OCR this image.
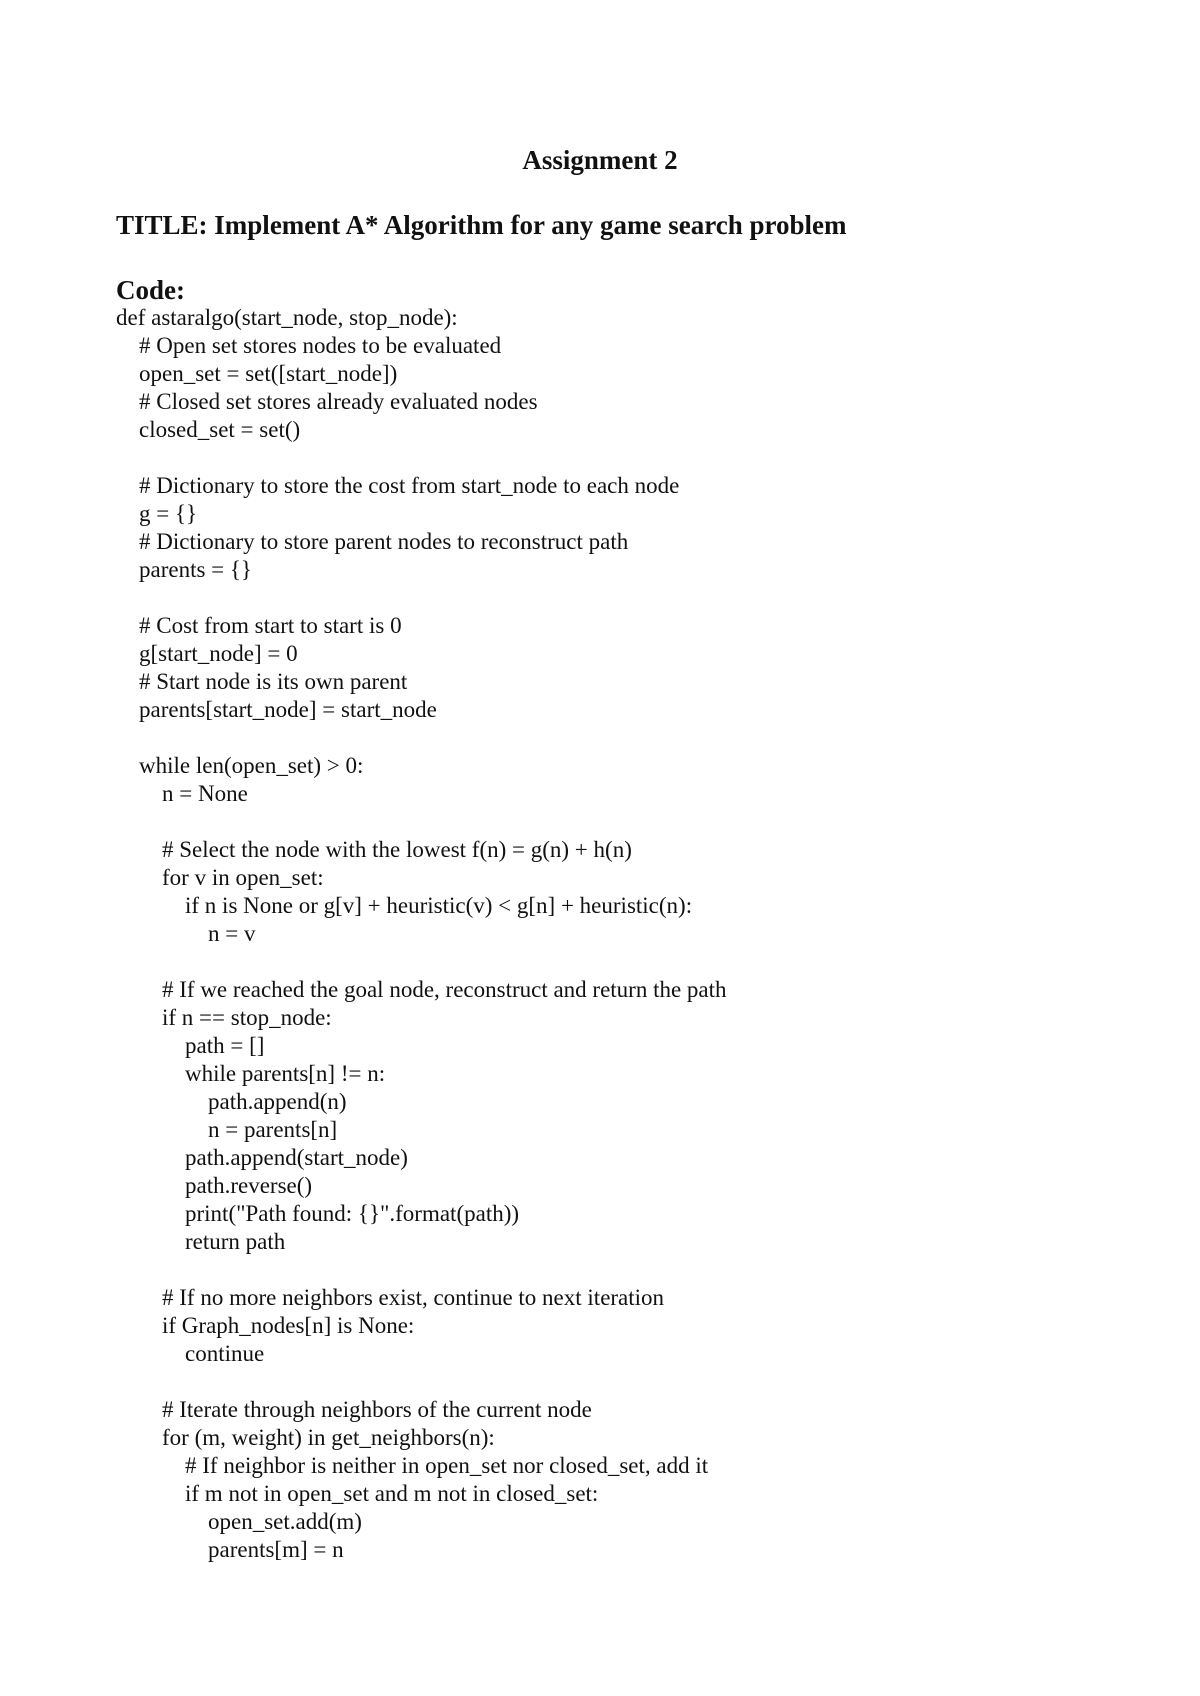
Assignment 2
TITLE: Implement A* Algorithm for any game search problem
Code:
def astaralgo(start_node, stop_node):
# Open set stores nodes to be evaluated
open_set = set([start_node])
# Closed set stores already evaluated nodes
closed_set = set()

# Dictionary to store the cost from start_node to each node
g = {}
# Dictionary to store parent nodes to reconstruct path
parents = {}

# Cost from start to start is 0
g[start_node] = 0
# Start node is its own parent
parents[start_node] = start_node

while len(open_set) > 0:
n = None

# Select the node with the lowest f(n) = g(n) + h(n)
for v in open_set:
if n is None or g[v] + heuristic(v) < g[n] + heuristic(n):
n = v

# If we reached the goal node, reconstruct and return the path
if n == stop_node:
path = []
while parents[n] != n:
path.append(n)
n = parents[n]
path.append(start_node)
path.reverse()
print("Path found: {}".format(path))
return path

# If no more neighbors exist, continue to next iteration
if Graph_nodes[n] is None:
continue

# Iterate through neighbors of the current node
for (m, weight) in get_neighbors(n):
# If neighbor is neither in open_set nor closed_set, add it
if m not in open_set and m not in closed_set:
open_set.add(m)
parents[m] = n
